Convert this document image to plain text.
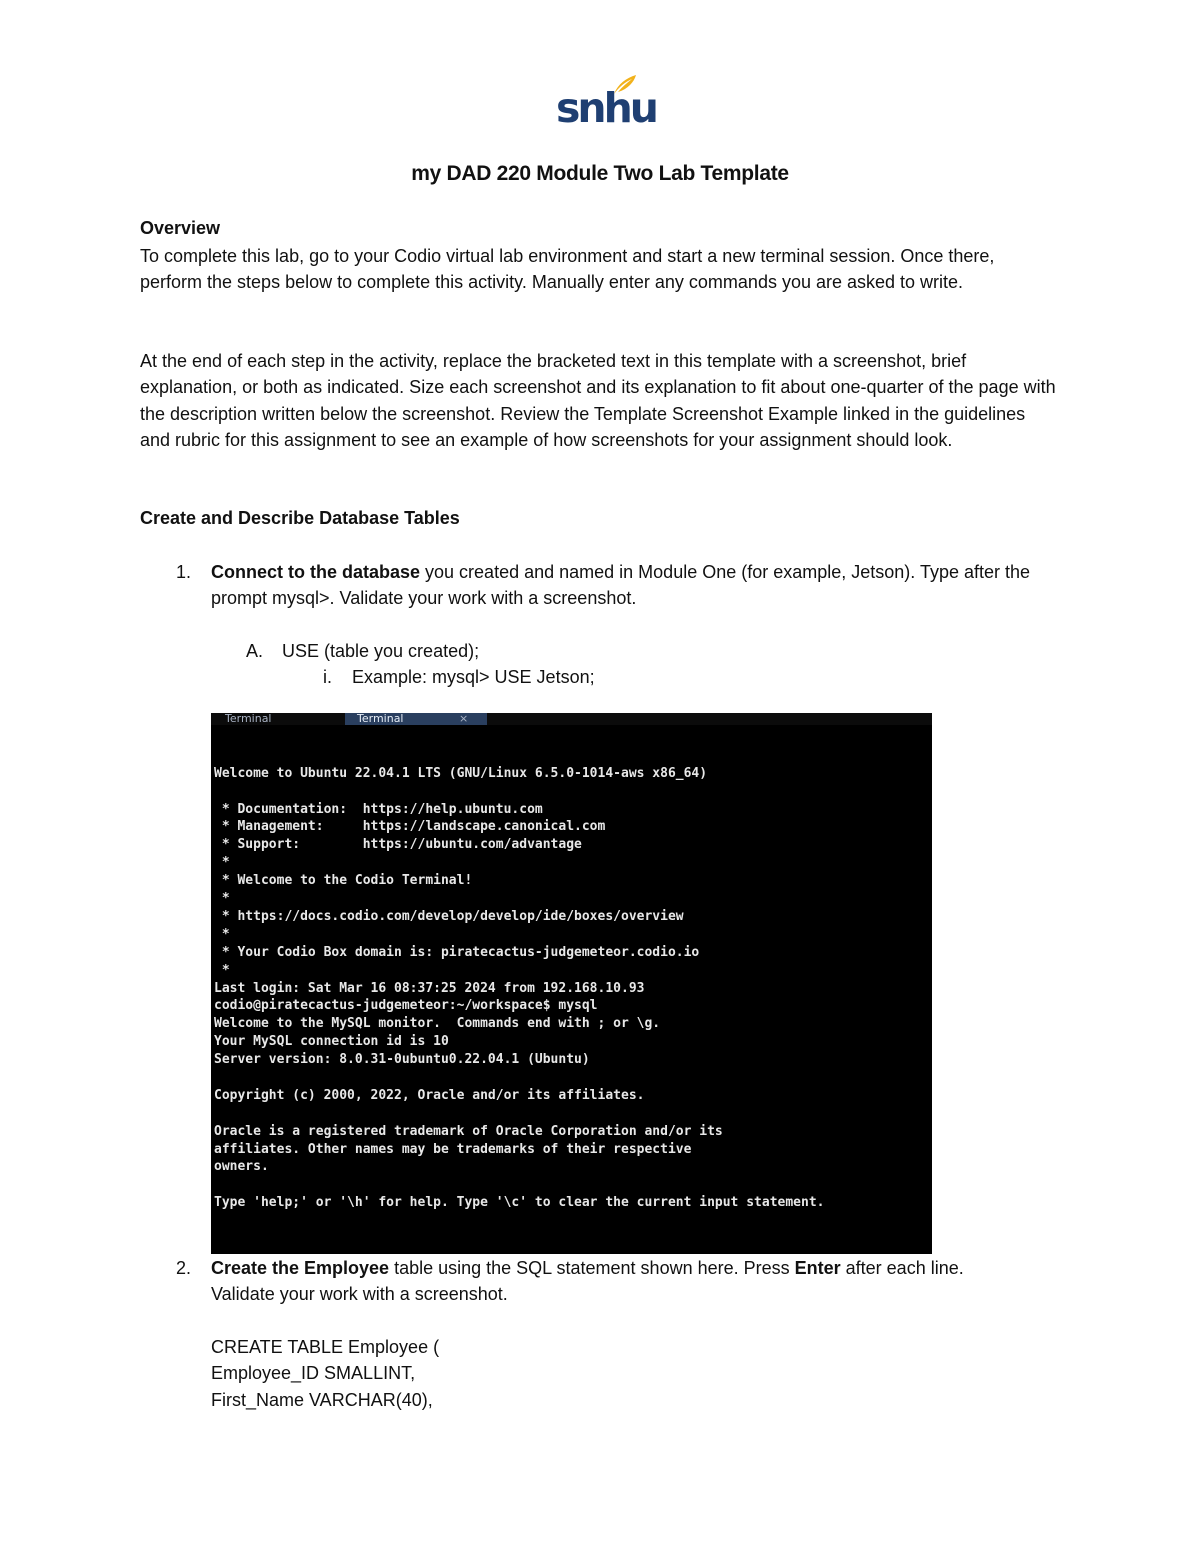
snhu
my DAD 220 Module Two Lab Template
Overview

To complete this lab, go to your Codio virtual lab environment and start a new terminal session. Once there, perform the steps below to complete this activity. Manually enter any commands you are asked to write.

At the end of each step in the activity, replace the bracketed text in this template with a screenshot, brief explanation, or both as indicated. Size each screenshot and its explanation to fit about one-quarter of the page with the description written below the screenshot. Review the Template Screenshot Example linked in the guidelines and rubric for this assignment to see an example of how screenshots for your assignment should look.

Create and Describe Database Tables
1. Connect to the database you created and named in Module One (for example, Jetson). Type after the prompt mysql>. Validate your work with a screenshot.

A. USE (table you created);
i. Example: mysql> USE Jetson;
Terminal	Terminal	×

Welcome to Ubuntu 22.04.1 LTS (GNU/Linux 6.5.0-1014-aws x86_64)
* Documentation:  https://help.ubuntu.com
* Management:     https://landscape.canonical.com
* Support:        https://ubuntu.com/advantage
*
* Welcome to the Codio Terminal!
*
* https://docs.codio.com/develop/develop/ide/boxes/overview
*
* Your Codio Box domain is: piratecactus-judgemeteor.codio.io
*
Last login: Sat Mar 16 08:37:25 2024 from 192.168.10.93
codio@piratecactus-judgemeteor:~/workspace$ mysql
Welcome to the MySQL monitor.  Commands end with ; or \g.
Your MySQL connection id is 10
Server version: 8.0.31-0ubuntu0.22.04.1 (Ubuntu)
Copyright (c) 2000, 2022, Oracle and/or its affiliates.
Oracle is a registered trademark of Oracle Corporation and/or its
affiliates. Other names may be trademarks of their respective
owners.
Type 'help;' or '\h' for help. Type '\c' to clear the current input statement.

2. Create the Employee table using the SQL statement shown here. Press Enter after each line.

Validate your work with a screenshot.
CREATE TABLE Employee (
Employee_ID SMALLINT,
First_Name VARCHAR(40),
